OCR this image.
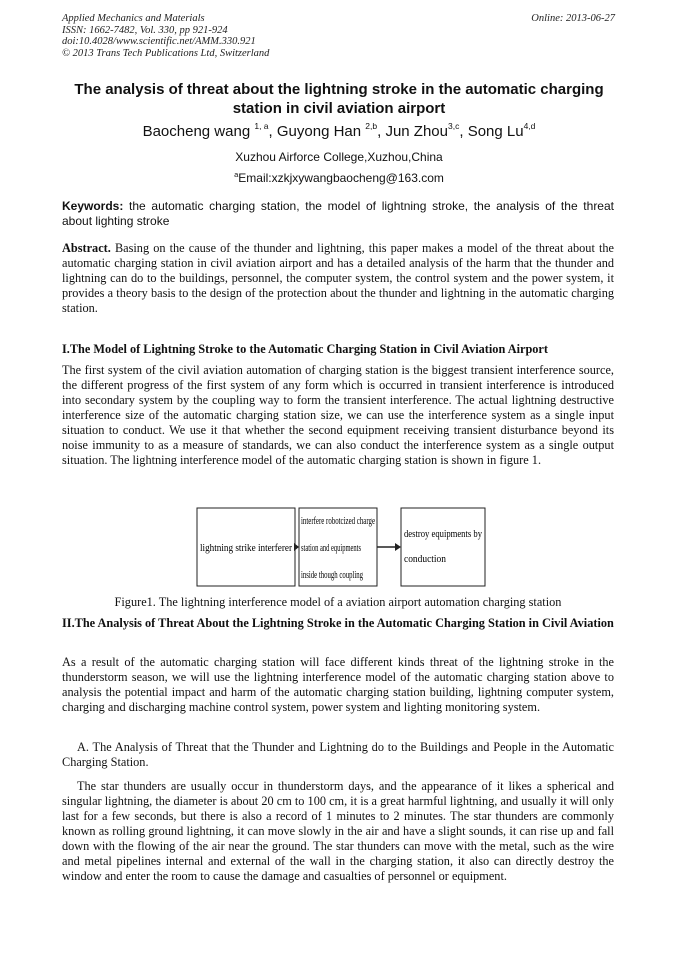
Applied Mechanics and Materials
ISSN: 1662-7482, Vol. 330, pp 921-924
doi:10.4028/www.scientific.net/AMM.330.921
© 2013 Trans Tech Publications Ltd, Switzerland
Online: 2013-06-27
The analysis of threat about the lightning stroke in the automatic charging station in civil aviation airport
Baocheng wang $^{1, a}$, Guyong Han $^{2,b}$, Jun Zhou$^{3,c}$, Song Lu$^{4,d}$
Xuzhou Airforce College,Xuzhou,China
$^a$Email:xzkjxywangbaocheng@163.com
Keywords: the automatic charging station, the model of lightning stroke, the analysis of the threat about lighting stroke
Abstract. Basing on the cause of the thunder and lightning, this paper makes a model of the threat about the automatic charging station in civil aviation airport and has a detailed analysis of the harm that the thunder and lightning can do to the buildings, personnel, the computer system, the control system and the power system, it provides a theory basis to the design of the protection about the thunder and lightning in the automatic charging station.
I.The Model of Lightning Stroke to the Automatic Charging Station in Civil Aviation Airport
The first system of the civil aviation automation of charging station is the biggest transient interference source, the different progress of the first system of any form which is occurred in transient interference is introduced into secondary system by the coupling way to form the transient interference. The actual lightning destructive interference size of the automatic charging station size, we can use the interference system as a single input situation to conduct. We use it that whether the second equipment receiving transient disturbance beyond its noise immunity to as a measure of standards, we can also conduct the interference system as a single output situation. The lightning interference model of the automatic charging station is shown in figure 1.
lightning strike interferer
interfere robotcized charge
station and equipments
inside though coupling
destroy equipments by
conduction
Figure1. The lightning interference model of a aviation airport automation charging station
II.The Analysis of Threat About the Lightning Stroke in the Automatic Charging Station in Civil Aviation
As a result of the automatic charging station will face different kinds threat of the lightning stroke in the thunderstorm season, we will use the lightning interference model of the automatic charging station above to analysis the potential impact and harm of the automatic charging station building, lightning computer system, charging and discharging machine control system, power system and lighting monitoring system.
A. The Analysis of Threat that the Thunder and Lightning do to the Buildings and People in the Automatic Charging Station.
The star thunders are usually occur in thunderstorm days, and the appearance of it likes a spherical and singular lightning, the diameter is about 20 cm to 100 cm, it is a great harmful lightning, and usually it will only last for a few seconds, but there is also a record of 1 minutes to 2 minutes. The star thunders are commonly known as rolling ground lightning, it can move slowly in the air and have a slight sounds, it can rise up and fall down with the flowing of the air near the ground. The star thunders can move with the metal, such as the wire and metal pipelines internal and external of the wall in the charging station, it also can directly destroy the window and enter the room to cause the damage and casualties of personnel or equipment.
